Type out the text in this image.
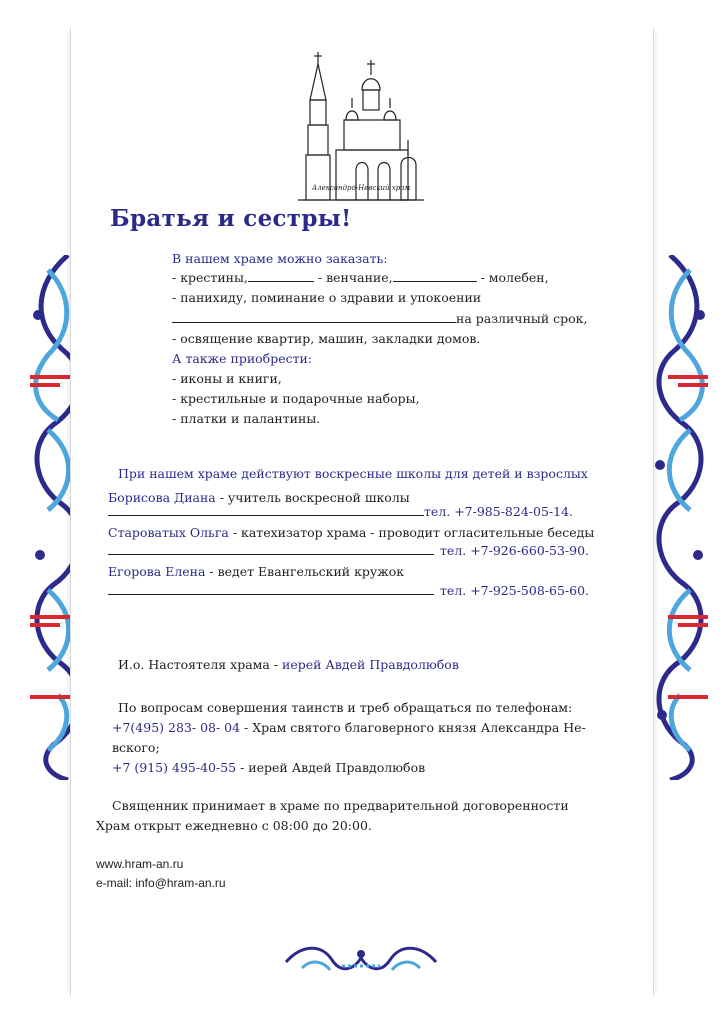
Александро-Невский храм
Братья и сестры!
В нашем храме можно заказать:
- крестины,	- венчание,	- молебен,
- панихиду, поминание о здравии и упокоении
на различный срок,
- освящение квартир, машин, закладки домов.
А также приобрести:
- иконы и книги,
- крестильные и подарочные наборы,
- платки и палантины.
При нашем храме действуют воскресные школы для детей и взрослых
Борисова Диана - учитель воскресной школы
тел. +7-985-824-05-14.
Староватых Ольга - катехизатор храма - проводит огласительные беседы
тел. +7-926-660-53-90.
Егорова Елена - ведет Евангельский кружок
тел. +7-925-508-65-60.
И.о. Настоятеля храма - иерей Авдей Правдолюбов
По вопросам совершения таинств и треб обращаться по телефонам:
+7(495) 283- 08- 04 - Храм святого благоверного князя Александра Не-
вского;
+7 (915) 495-40-55 - иерей Авдей Правдолюбов
Священник принимает в храме по предварительной договоренности
Храм открыт ежедневно с 08:00 до 20:00.
www.hram-an.ru
e-mail: info@hram-an.ru
